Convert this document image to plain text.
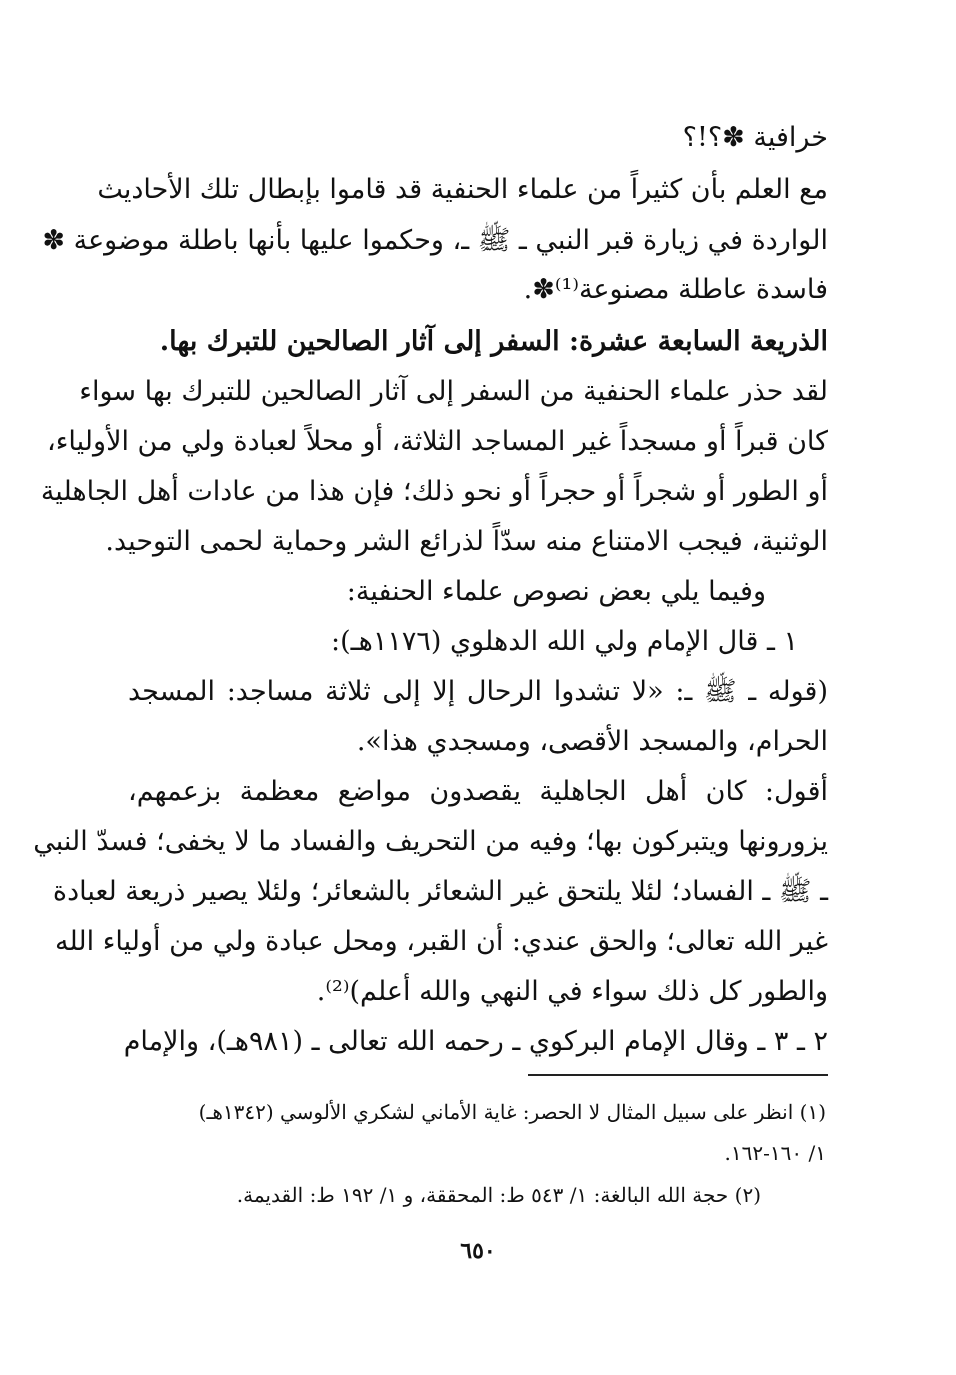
خرافية ✽؟!؟
مع العلم بأن كثيراً من علماء الحنفية قد قاموا بإبطال تلك الأحاديث
الواردة في زيارة قبر النبي ـ ﷺ ـ، وحكموا عليها بأنها باطلة موضوعة ✽
فاسدة عاطلة مصنوعة⁽¹⁾✽.
الذريعة السابعة عشرة: السفر إلى آثار الصالحين للتبرك بها.
لقد حذر علماء الحنفية من السفر إلى آثار الصالحين للتبرك بها سواء
كان قبراً أو مسجداً غير المساجد الثلاثة، أو محلاً لعبادة ولي من الأولياء،
أو الطور أو شجراً أو حجراً أو نحو ذلك؛ فإن هذا من عادات أهل الجاهلية
الوثنية، فيجب الامتناع منه سدّاً لذرائع الشر وحماية لحمى التوحيد.
وفيما يلي بعض نصوص علماء الحنفية:
١ ـ قال الإمام ولي الله الدهلوي (١١٧٦هـ):
(قوله ـ ﷺ ـ: «لا تشدوا الرحال إلا إلى ثلاثة مساجد: المسجد
الحرام، والمسجد الأقصى، ومسجدي هذا».
أقول: كان أهل الجاهلية يقصدون مواضع معظمة بزعمهم،
يزورونها ويتبركون بها؛ وفيه من التحريف والفساد ما لا يخفى؛ فسدّ النبي
ـ ﷺ ـ الفساد؛ لئلا يلتحق غير الشعائر بالشعائر؛ ولئلا يصير ذريعة لعبادة
غير الله تعالى؛ والحق عندي: أن القبر، ومحل عبادة ولي من أولياء الله
والطور كل ذلك سواء في النهي والله أعلم)⁽²⁾.
٢ ـ ٣ ـ وقال الإمام البركوي ـ رحمه الله تعالى ـ (٩٨١هـ)، والإمام
(١) انظر على سبيل المثال لا الحصر: غاية الأماني لشكري الألوسي (١٣٤٢هـ)
١/ ١٦٠-١٦٢.
(٢) حجة الله البالغة: ١/ ٥٤٣ ط: المحققة، و ١/ ١٩٢ ط: القديمة.
٦٥٠
